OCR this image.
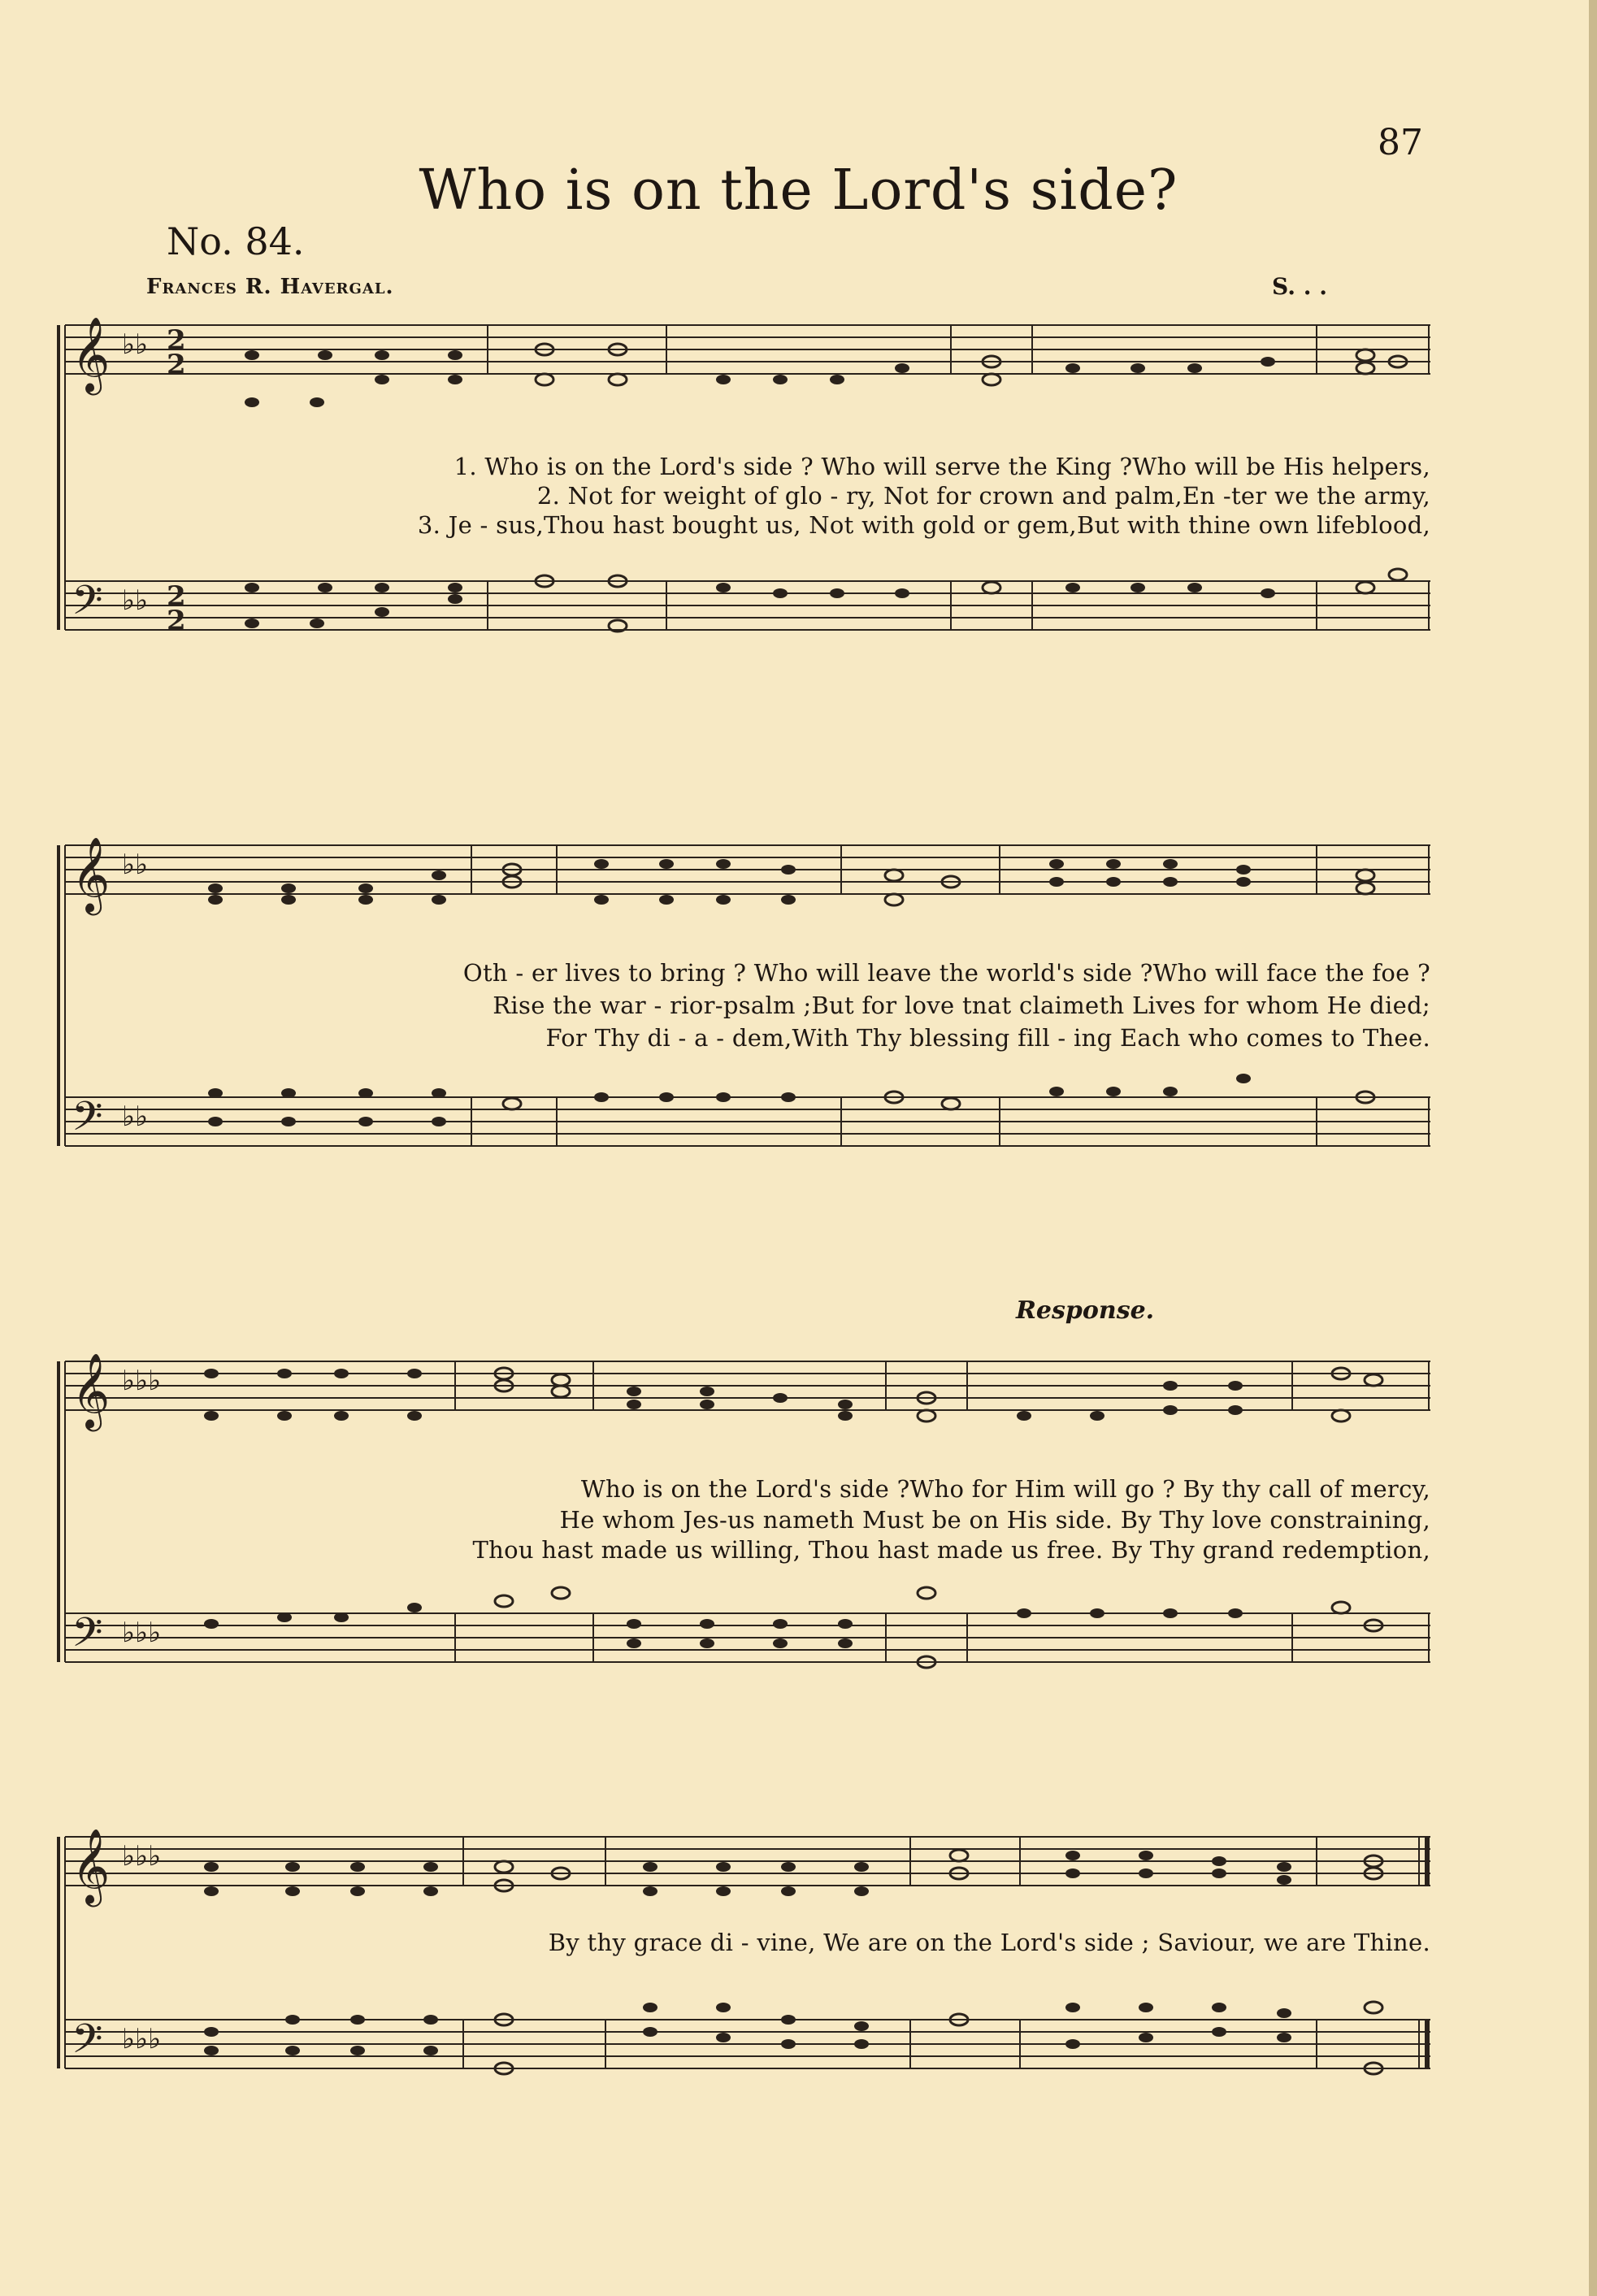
87
Who is on the Lord's side?
No. 84.
Frances R. Havergal.	S. . .
Response.
𝄞
𝄢
♭♭
♭♭
2
2
2
2
1. Who is on the Lord's side ? Who will serve the King ?Who will be His helpers,
2. Not for weight of glo - ry, Not for crown and palm,En -ter we the army,
3. Je - sus,Thou hast bought us, Not with gold or gem,But with thine own lifeblood,
𝄞
𝄢
♭♭
♭♭
Oth - er lives to bring ? Who will leave the world's side ?Who will face the foe ?
Rise the war - rior-psalm ;But for love tnat claimeth Lives for whom He died;
For Thy di - a - dem,With Thy blessing fill - ing Each who comes to Thee.
𝄞
𝄢
♭♭♭
♭♭♭
Who is on the Lord's side ?Who for Him will go ? By thy call of mercy,
He whom Jes-us nameth Must be on His side. By Thy love constraining,
Thou hast made us willing, Thou hast made us free. By Thy grand redemption,
𝄞
𝄢
♭♭♭
♭♭♭
By thy grace di - vine, We are on the Lord's side ; Saviour, we are Thine.
